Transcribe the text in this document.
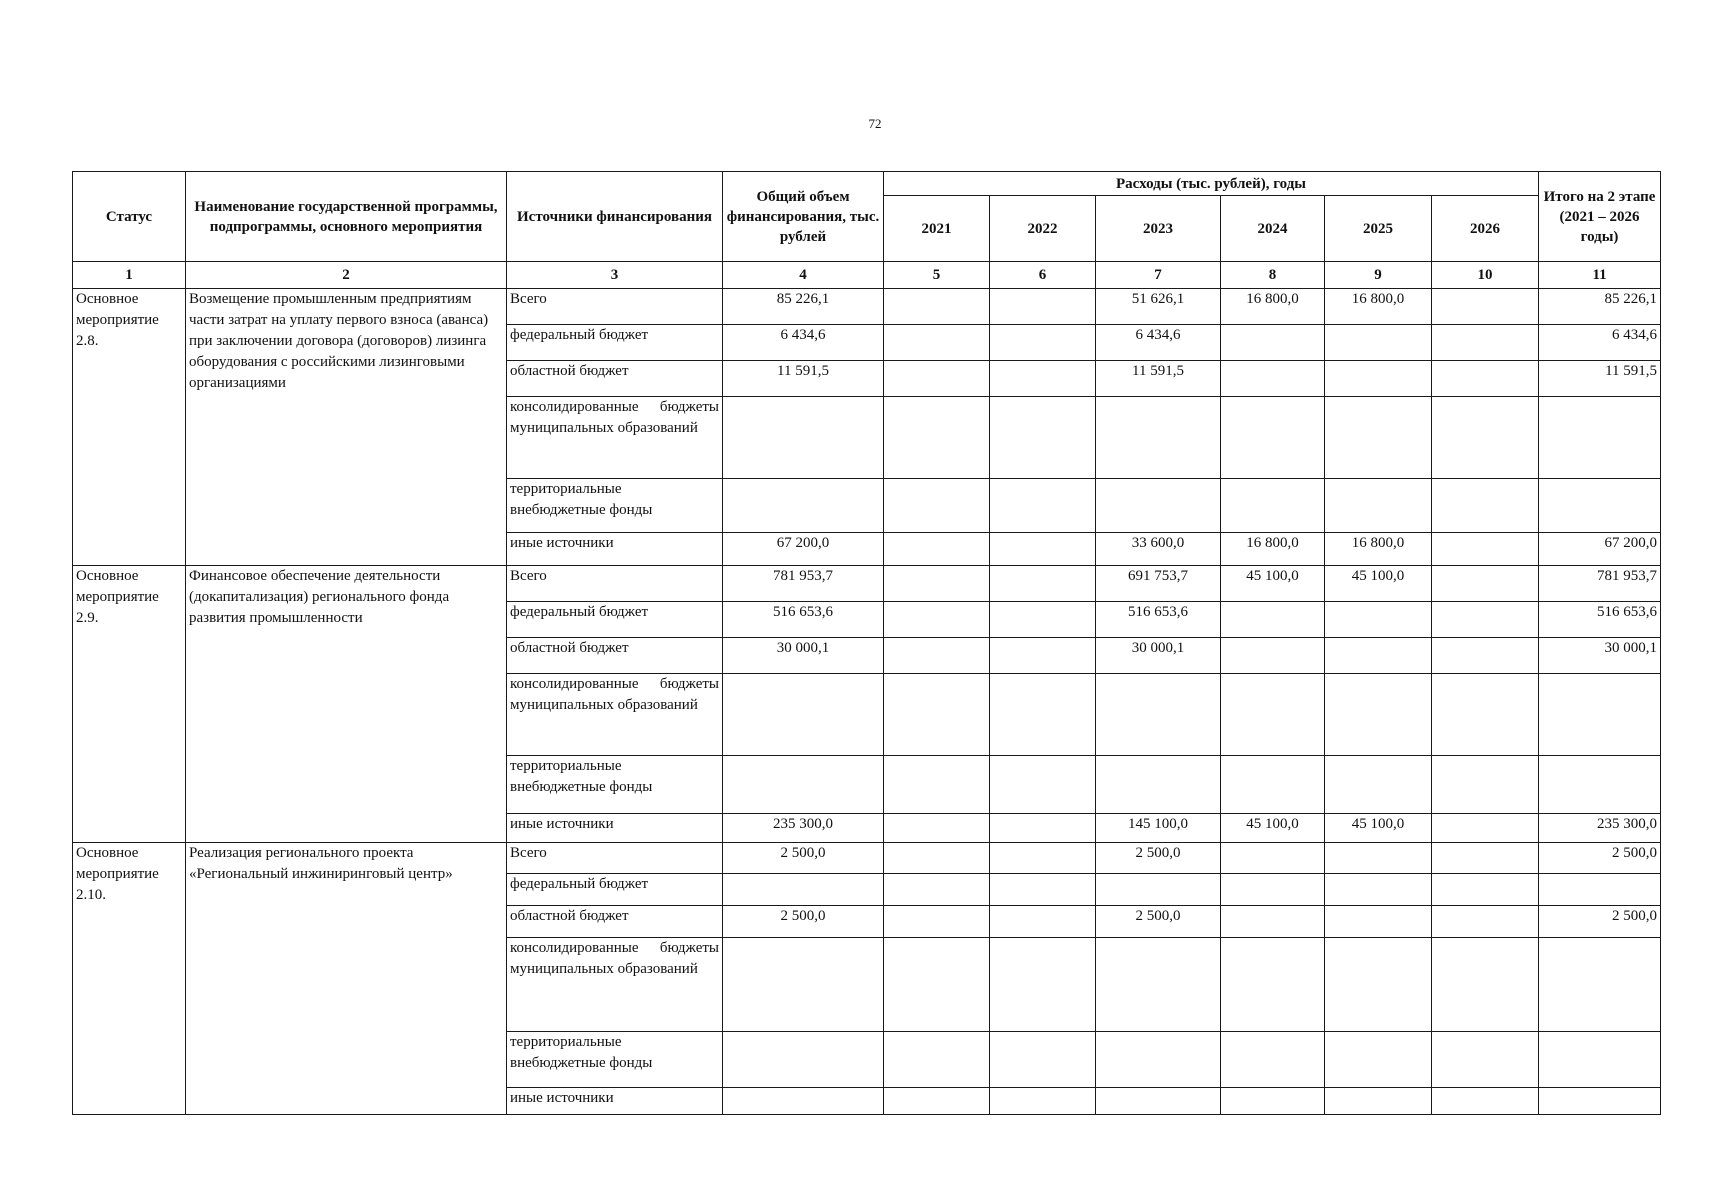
72
Статус	Наименование государственной программы, подпрограммы, основного мероприятия	Источники финансирования	Общий объем финансирования, тыс. рублей	Расходы (тыс. рублей), годы						Итого на 2 этапе (2021 – 2026 годы)
				2021	2022	2023	2024	2025	2026	
1	2	3	4	5	6	7	8	9	10	11
Основное мероприятие 2.8.	Возмещение промышленным предприятиям части затрат на уплату первого взноса (аванса) при заключении договора (договоров) лизинга оборудования с российскими лизинговыми организациями	Всего	85 226,1			51 626,1	16 800,0	16 800,0		85 226,1
		федеральный бюджет	6 434,6			6 434,6				6 434,6
		областной бюджет	11 591,5			11 591,5				11 591,5
		консолидированные бюджеты муниципальных образований								
		территориальные внебюджетные фонды								
		иные источники	67 200,0			33 600,0	16 800,0	16 800,0		67 200,0
Основное мероприятие 2.9.	Финансовое обеспечение деятельности (докапитализация) регионального фонда развития промышленности	Всего	781 953,7			691 753,7	45 100,0	45 100,0		781 953,7
		федеральный бюджет	516 653,6			516 653,6				516 653,6
		областной бюджет	30 000,1			30 000,1				30 000,1
		консолидированные бюджеты муниципальных образований								
		территориальные внебюджетные фонды								
		иные источники	235 300,0			145 100,0	45 100,0	45 100,0		235 300,0
Основное мероприятие 2.10.	Реализация регионального проекта «Региональный инжиниринговый центр»	Всего	2 500,0			2 500,0				2 500,0
		федеральный бюджет								
		областной бюджет	2 500,0			2 500,0				2 500,0
		консолидированные бюджеты муниципальных образований								
		территориальные внебюджетные фонды								
		иные источники								
